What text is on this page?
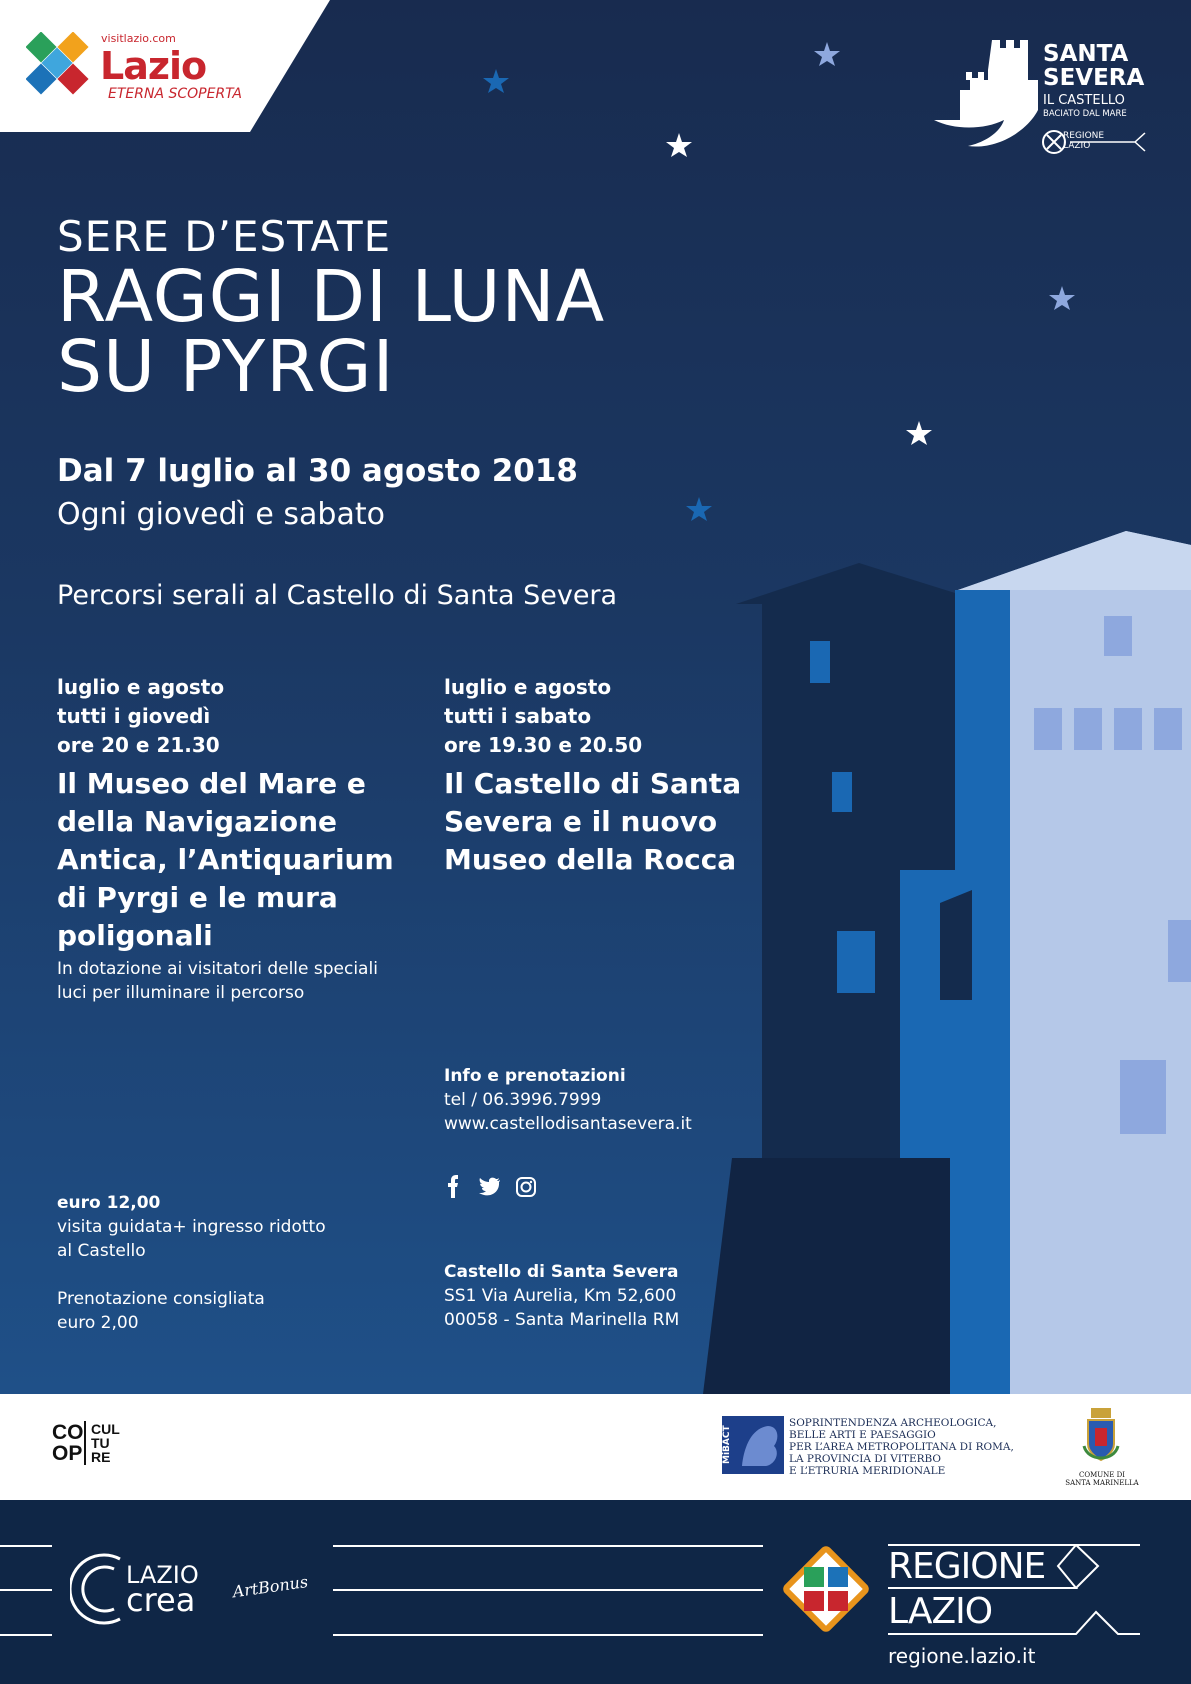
visitlazio.com
Lazio
ETERNA SCOPERTA
SANTA
SEVERA
IL CASTELLO
BACIATO DAL MARE
REGIONE
LAZIO
SERE D’ESTATE
RAGGI DI LUNA
SU PYRGI
Dal 7 luglio al 30 agosto 2018
Ogni giovedì e sabato
Percorsi serali al Castello di Santa Severa
luglio e agosto
tutti i giovedì
ore 20 e 21.30
Il Museo del Mare e della Navigazione Antica, l’Antiquarium di Pyrgi e le mura poligonali
In dotazione ai visitatori delle speciali luci per illuminare il percorso
luglio e agosto
tutti i sabato
ore 19.30 e 20.50
Il Castello di Santa Severa e il nuovo Museo della Rocca
Info e prenotazioni
tel / 06.3996.7999
www.castellodisantasevera.it
euro 12,00
visita guidata+ ingresso ridotto
al Castello
Prenotazione consigliata
euro 2,00
Castello di Santa Severa
SS1 Via Aurelia, Km 52,600
00058 - Santa Marinella RM
CO
OP
CUL
TU
RE	MiBACT
SOPRINTENDENZA ARCHEOLOGICA,
BELLE ARTI E PAESAGGIO
PER L’AREA METROPOLITANA DI ROMA,
LA PROVINCIA DI VITERBO
E L’ETRURIA MERIDIONALE	COMUNE DI
SANTA MARINELLA
LAZIO
crea	ArtBonus	REGIONE
LAZIO
regione.lazio.it
